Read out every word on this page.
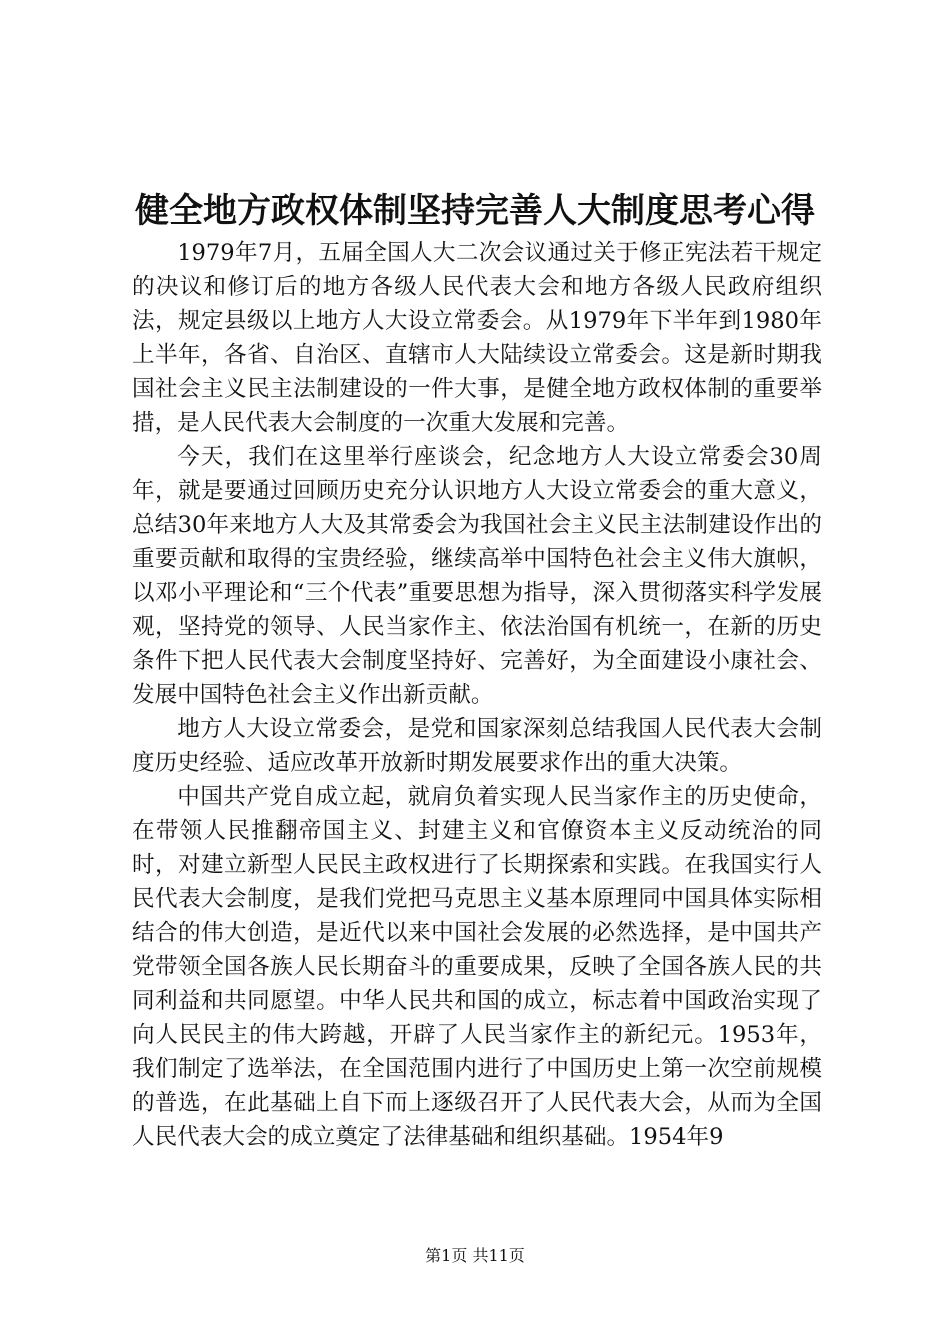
健全地方政权体制坚持完善人大制度思考心得

1979年7月，五届全国人大二次会议通过关于修正宪法若干规定的决议和修订后的地方各级人民代表大会和地方各级人民政府组织法，规定县级以上地方人大设立常委会。从1979年下半年到1980年上半年，各省、自治区、直辖市人大陆续设立常委会。这是新时期我国社会主义民主法制建设的一件大事，是健全地方政权体制的重要举措，是人民代表大会制度的一次重大发展和完善。

今天，我们在这里举行座谈会，纪念地方人大设立常委会30周年，就是要通过回顾历史充分认识地方人大设立常委会的重大意义，总结30年来地方人大及其常委会为我国社会主义民主法制建设作出的重要贡献和取得的宝贵经验，继续高举中国特色社会主义伟大旗帜，以邓小平理论和“三个代表”重要思想为指导，深入贯彻落实科学发展观，坚持党的领导、人民当家作主、依法治国有机统一，在新的历史条件下把人民代表大会制度坚持好、完善好，为全面建设小康社会、发展中国特色社会主义作出新贡献。

地方人大设立常委会，是党和国家深刻总结我国人民代表大会制度历史经验、适应改革开放新时期发展要求作出的重大决策。

中国共产党自成立起，就肩负着实现人民当家作主的历史使命，在带领人民推翻帝国主义、封建主义和官僚资本主义反动统治的同时，对建立新型人民民主政权进行了长期探索和实践。在我国实行人民代表大会制度，是我们党把马克思主义基本原理同中国具体实际相结合的伟大创造，是近代以来中国社会发展的必然选择，是中国共产党带领全国各族人民长期奋斗的重要成果，反映了全国各族人民的共同利益和共同愿望。中华人民共和国的成立，标志着中国政治实现了向人民民主的伟大跨越，开辟了人民当家作主的新纪元。1953年，我们制定了选举法，在全国范围内进行了中国历史上第一次空前规模的普选，在此基础上自下而上逐级召开了人民代表大会，从而为全国人民代表大会的成立奠定了法律基础和组织基础。1954年9

第1页 共11页
